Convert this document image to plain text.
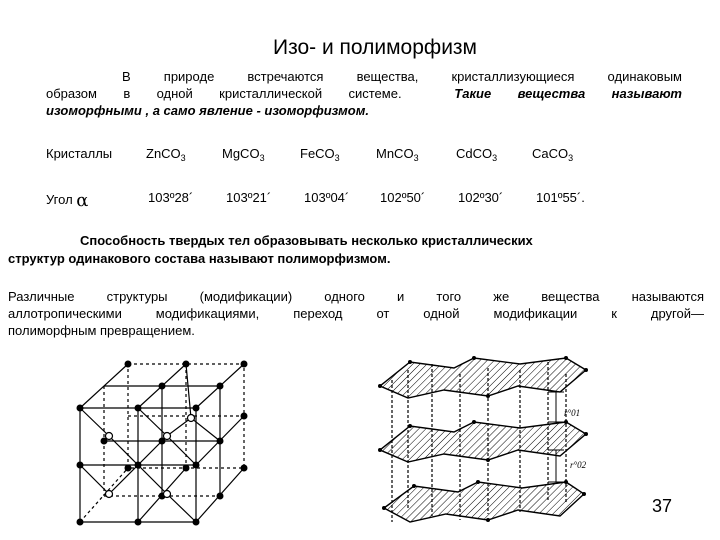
Изо- и полиморфизм
В природе встречаются вещества, кристаллизующиеся одинаковым
образом в одной кристаллической системе.	Такие вещества называют
изоморфными , а само явление - изоморфизмом.
Кристаллы	ZnCO$_3$	MgCO$_3$	FeCO$_3$	MnCO$_3$	CdCO$_3$	CaCO$_3$
Угол α	103º28´	103º21´	103º04´ 102º50´	102º30´	101º55´.
Способность твердых тел образовывать несколько кристаллических
структур одинакового состава называют полиморфизмом.
Различные структуры (модификации) одного и того же вещества называются
аллотропическими модификациями, переход от одной модификации к другой—
полиморфным превращением.
r°01
r°02
37
